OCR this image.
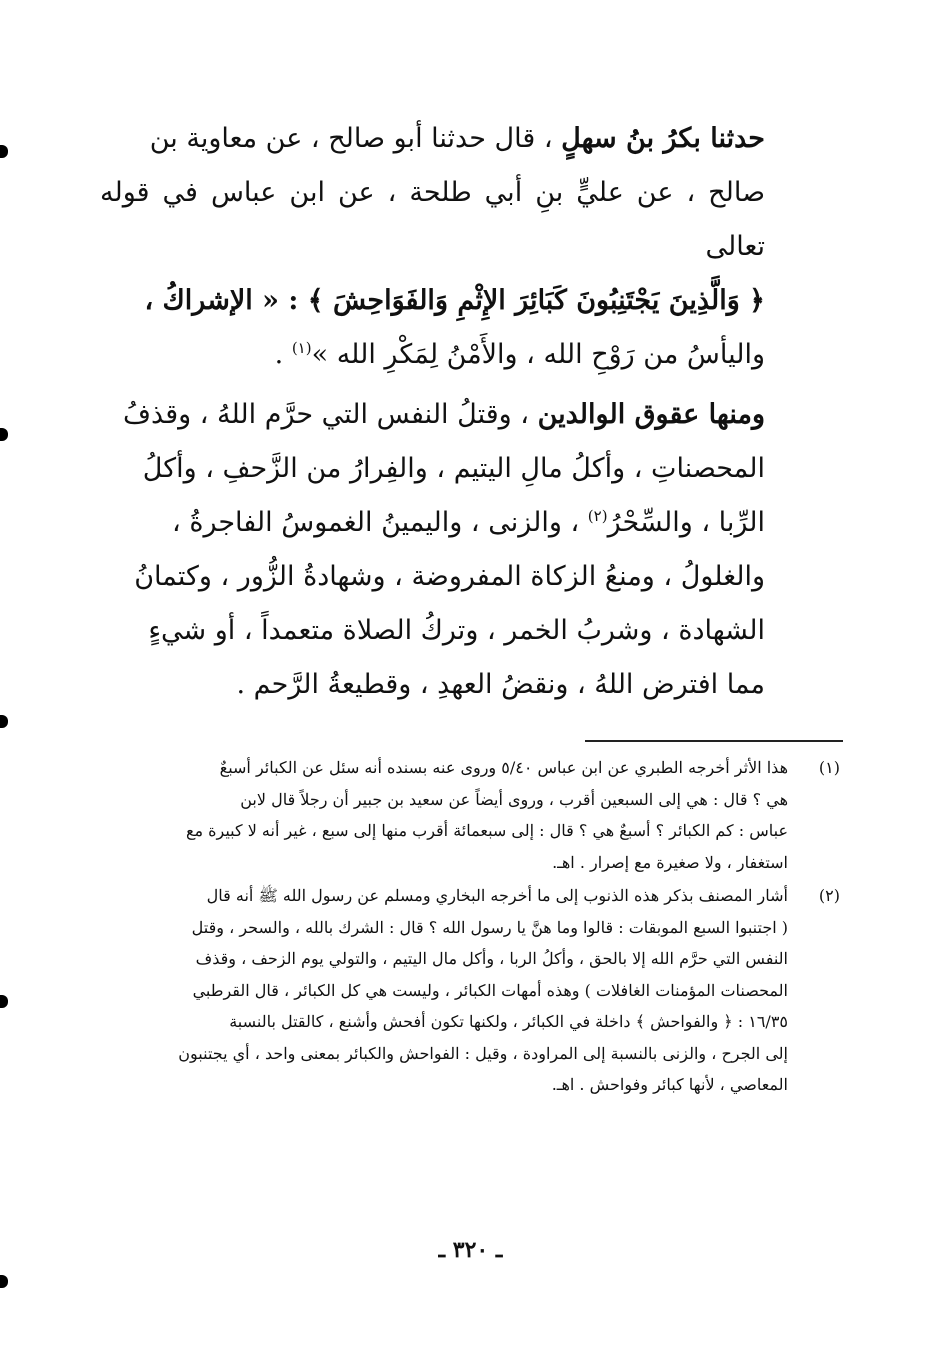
حدثنا بكرُ بنُ سهلٍ ، قال حدثنا أبو صالح ، عن معاوية بن

صالح ، عن عليٍّ بنِ أبي طلحة ، عن ابن عباس في قوله تعالى

﴿ وَالَّذِينَ يَجْتَنِبُونَ كَبَائِرَ الإِثْمِ وَالفَوَاحِشَ ﴾ : « الإشراكُ ،

واليأسُ من رَوْحِ الله ، والأَمْنُ لِمَكْرِ الله »$^{(١)}$ .

ومنها عقوق الوالدين ، وقتلُ النفس التي حرَّم اللهُ ، وقذفُ

المحصناتِ ، وأكلُ مالِ اليتيم ، والفِرارُ من الزَّحفِ ، وأكلُ

الرِّبا ، والسِّحْرُ$^{(٢)}$ ، والزنى ، واليمينُ الغموسُ الفاجرةُ ،

والغلولُ ، ومنعُ الزكاة المفروضة ، وشهادةُ الزُّور ، وكتمانُ

الشهادة ، وشربُ الخمر ، وتركُ الصلاة متعمداً ، أو شيءٍ

مما افترض اللهُ ، ونقضُ العهدِ ، وقطيعةُ الرَّحم .

(١)

هذا الأثر أخرجه الطبري عن ابن عباس ٥/٤٠ وروى عنه بسنده أنه سئل عن الكبائر أسبعٌ

هي ؟ قال : هي إلى السبعين أقرب ، وروى أيضاً عن سعيد بن جبير أن رجلاً قال لابن

عباس : كم الكبائر ؟ أسبعٌ هي ؟ قال : إلى سبعمائة أقرب منها إلى سبع ، غير أنه لا كبيرة مع

استغفار ، ولا صغيرة مع إصرار . اهـ.

(٢)

أشار المصنف بذكر هذه الذنوب إلى ما أخرجه البخاري ومسلم عن رسول الله ﷺ أنه قال

( اجتنبوا السبع الموبقات : قالوا وما هنَّ يا رسول الله ؟ قال : الشرك بالله ، والسحر ، وقتل

النفس التي حرَّم الله إلا بالحق ، وأكلُ الربا ، وأكل مال اليتيم ، والتولي يوم الزحف ، وقذف

المحصنات المؤمنات الغافلات ) وهذه أمهات الكبائر ، وليست هي كل الكبائر ، قال القرطبي

١٦/٣٥ : ﴿ والفواحش ﴾ داخلة في الكبائر ، ولكنها تكون أفحش وأشنع ، كالقتل بالنسبة

إلى الجرح ، والزنى بالنسبة إلى المراودة ، وقيل : الفواحش والكبائر بمعنى واحد ، أي يجتنبون

المعاصي ، لأنها كبائر وفواحش . اهـ.

ـ ٣٢٠ ـ
